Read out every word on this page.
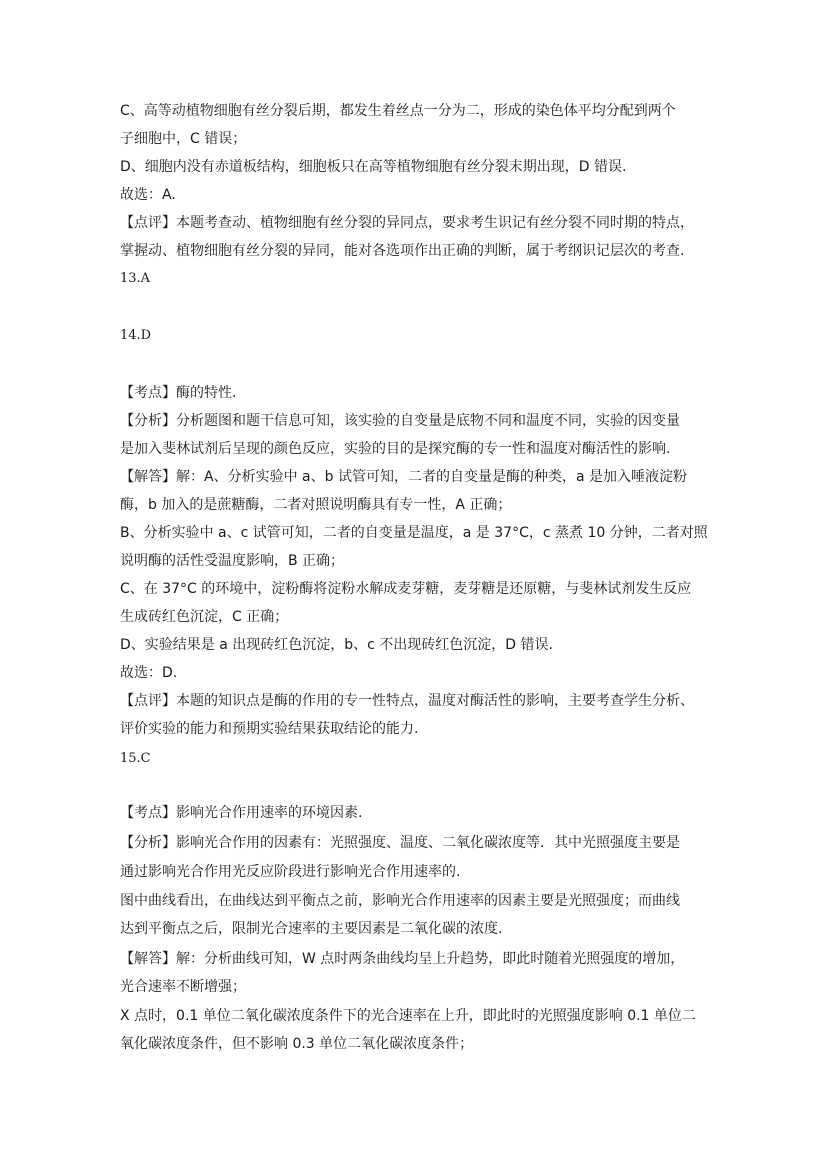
C、高等动植物细胞有丝分裂后期，都发生着丝点一分为二，形成的染色体平均分配到两个
子细胞中，C 错误；
D、细胞内没有赤道板结构，细胞板只在高等植物细胞有丝分裂末期出现，D 错误.
故选：A.
【点评】本题考查动、植物细胞有丝分裂的异同点，要求考生识记有丝分裂不同时期的特点，
掌握动、植物细胞有丝分裂的异同，能对各选项作出正确的判断，属于考纲识记层次的考查.
13.A
14.D
【考点】酶的特性.
【分析】分析题图和题干信息可知，该实验的自变量是底物不同和温度不同，实验的因变量
是加入斐林试剂后呈现的颜色反应，实验的目的是探究酶的专一性和温度对酶活性的影响.
【解答】解：A、分析实验中 a、b 试管可知，二者的自变量是酶的种类，a 是加入唾液淀粉
酶，b 加入的是蔗糖酶，二者对照说明酶具有专一性，A 正确；
B、分析实验中 a、c 试管可知，二者的自变量是温度，a 是 37°C，c 蒸煮 10 分钟，二者对照
说明酶的活性受温度影响，B 正确；
C、在 37°C 的环境中，淀粉酶将淀粉水解成麦芽糖，麦芽糖是还原糖，与斐林试剂发生反应
生成砖红色沉淀，C 正确；
D、实验结果是 a 出现砖红色沉淀，b、c 不出现砖红色沉淀，D 错误.
故选：D.
【点评】本题的知识点是酶的作用的专一性特点，温度对酶活性的影响，主要考查学生分析、
评价实验的能力和预期实验结果获取结论的能力.
15.C
【考点】影响光合作用速率的环境因素.
【分析】影响光合作用的因素有：光照强度、温度、二氧化碳浓度等．其中光照强度主要是
通过影响光合作用光反应阶段进行影响光合作用速率的.
图中曲线看出，在曲线达到平衡点之前，影响光合作用速率的因素主要是光照强度；而曲线
达到平衡点之后，限制光合速率的主要因素是二氧化碳的浓度.
【解答】解：分析曲线可知，W 点时两条曲线均呈上升趋势，即此时随着光照强度的增加，
光合速率不断增强；
X 点时，0.1 单位二氧化碳浓度条件下的光合速率在上升，即此时的光照强度影响 0.1 单位二
氧化碳浓度条件，但不影响 0.3 单位二氧化碳浓度条件；
